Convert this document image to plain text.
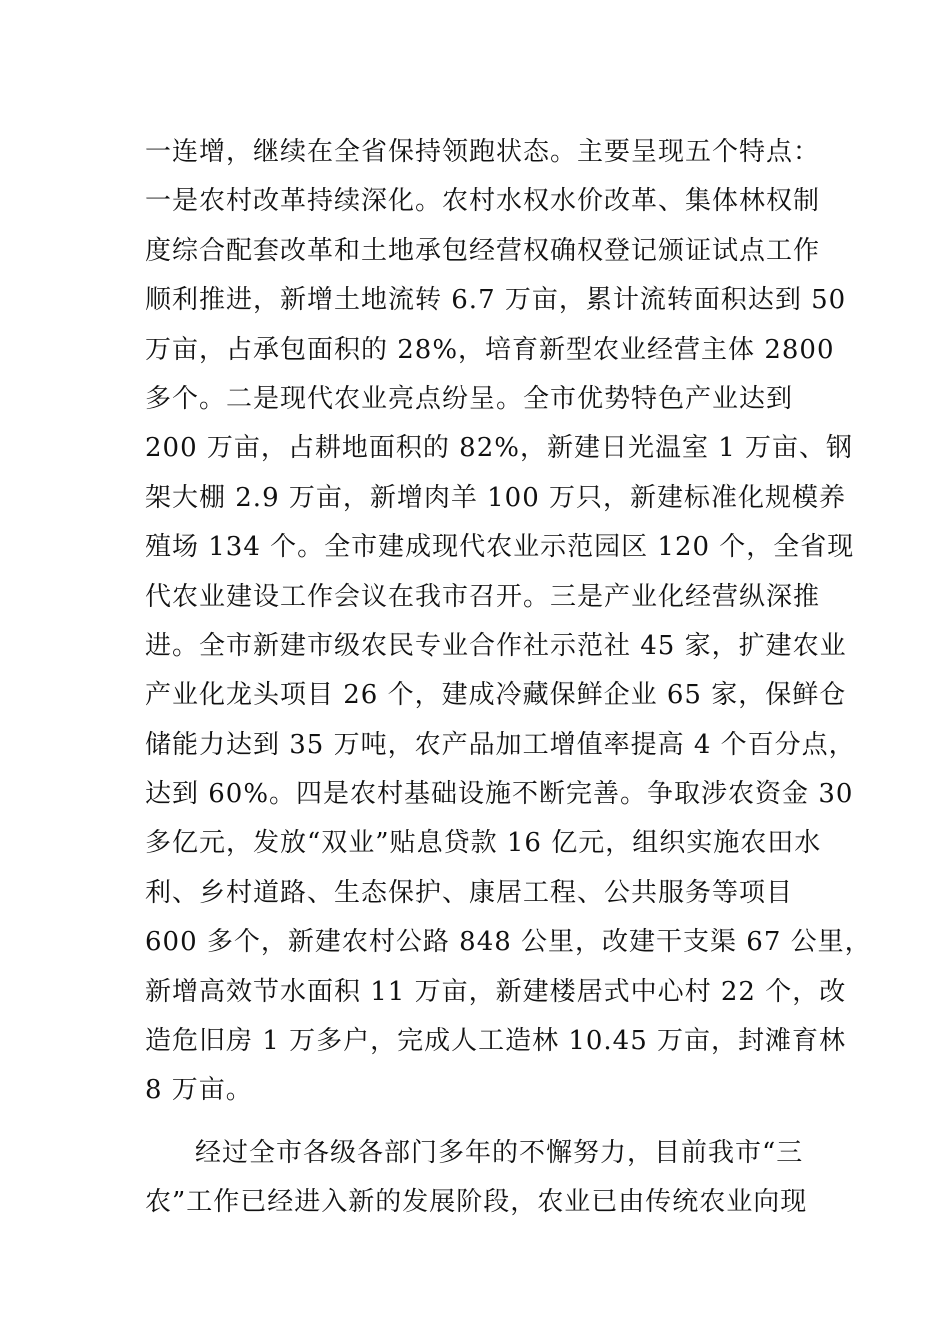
一连增，继续在全省保持领跑状态。主要呈现五个特点：
一是农村改革持续深化。农村水权水价改革、集体林权制
度综合配套改革和土地承包经营权确权登记颁证试点工作
顺利推进，新增土地流转 6.7 万亩，累计流转面积达到 50
万亩，占承包面积的 28%，培育新型农业经营主体 2800
多个。二是现代农业亮点纷呈。全市优势特色产业达到
200 万亩，占耕地面积的 82%，新建日光温室 1 万亩、钢
架大棚 2.9 万亩，新增肉羊 100 万只，新建标准化规模养
殖场 134 个。全市建成现代农业示范园区 120 个，全省现
代农业建设工作会议在我市召开。三是产业化经营纵深推
进。全市新建市级农民专业合作社示范社 45 家，扩建农业
产业化龙头项目 26 个，建成冷藏保鲜企业 65 家，保鲜仓
储能力达到 35 万吨，农产品加工增值率提高 4 个百分点，
达到 60%。四是农村基础设施不断完善。争取涉农资金 30
多亿元，发放“双业”贴息贷款 16 亿元，组织实施农田水
利、乡村道路、生态保护、康居工程、公共服务等项目
600 多个，新建农村公路 848 公里，改建干支渠 67 公里，
新增高效节水面积 11 万亩，新建楼居式中心村 22 个，改
造危旧房 1 万多户，完成人工造林 10.45 万亩，封滩育林
8 万亩。

经过全市各级各部门多年的不懈努力，目前我市“三
农”工作已经进入新的发展阶段，农业已由传统农业向现
